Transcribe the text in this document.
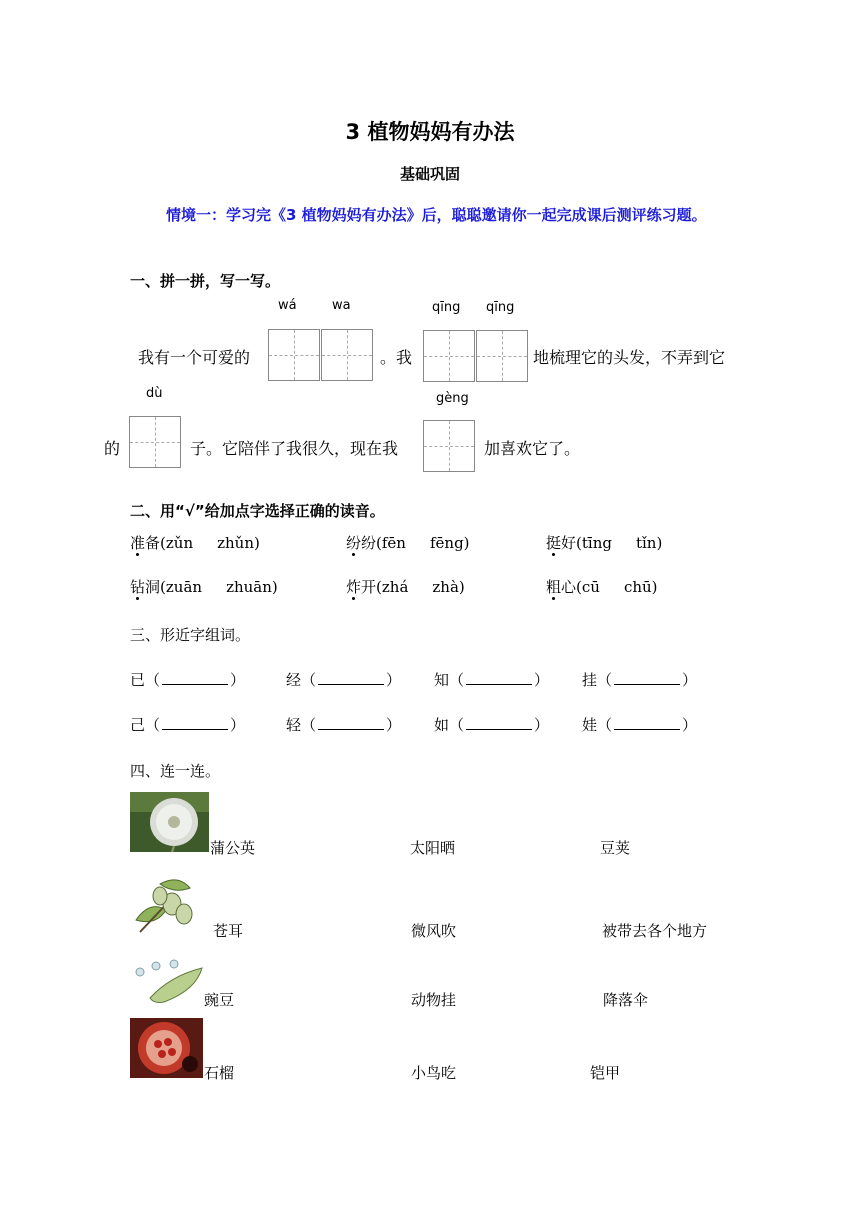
3 植物妈妈有办法
基础巩固
情境一：学习完《3 植物妈妈有办法》后，聪聪邀请你一起完成课后测评练习题。
一、拼一拼，写一写。
wá	wa	qīng qīng
我有一个可爱的	。我	地梳理它的头发，不弄到它
dù	gèng
的	子。它陪伴了我很久，现在我	加喜欢它了。
二、用“√”给加点字选择正确的读音。
准备(zǔn zhǔn)	纷纷(fēn fēng)	挺好(tīng tǐn)
钻洞(zuān zhuān)	炸开(zhá zhà)	粗心(cū chū)
三、形近字组词。
已（	）	经（	） 知（	） 挂（	）
己（	）	轻（	） 如（	） 娃（	）
四、连一连。
蒲公英	太阳晒	豆荚
苍耳	微风吹	被带去各个地方
豌豆	动物挂	降落伞
石榴	小鸟吃	铠甲
